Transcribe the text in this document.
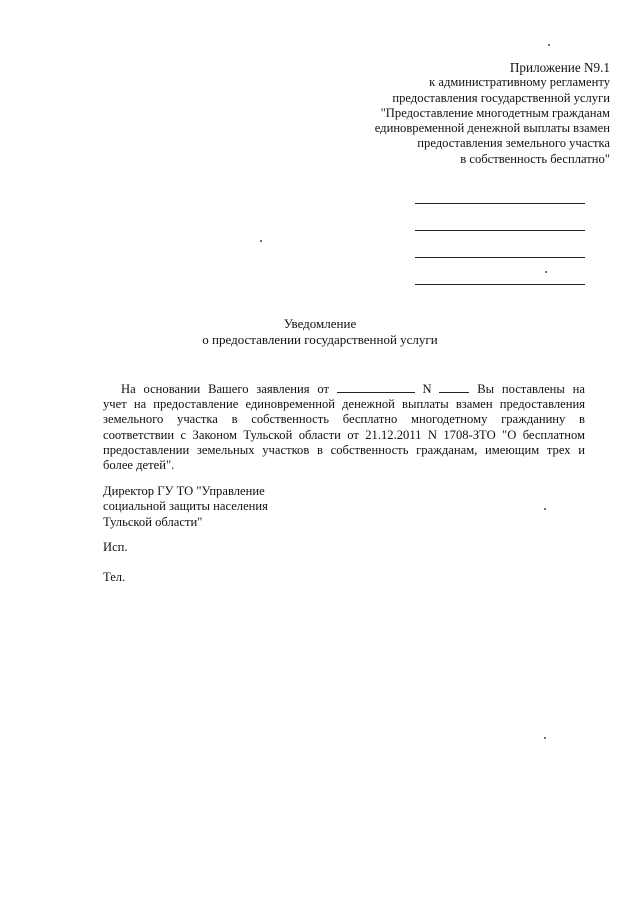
Приложение N9.1
к административному регламенту
предоставления государственной услуги
"Предоставление многодетным гражданам
единовременной денежной выплаты взамен
предоставления земельного участка
в собственность бесплатно"
Уведомление
о предоставлении государственной услуги
На основании Вашего заявления от	N	Вы поставлены на
учет на предоставление единовременной денежной выплаты взамен предоставления
земельного участка в собственность бесплатно многодетному гражданину в
соответствии с Законом Тульской области от 21.12.2011 N 1708-ЗТО "О бесплатном
предоставлении земельных участков в собственность гражданам, имеющим трех и
более детей".
Директор ГУ ТО "Управление
социальной защиты населения
Тульской области"
Исп.
Тел.
